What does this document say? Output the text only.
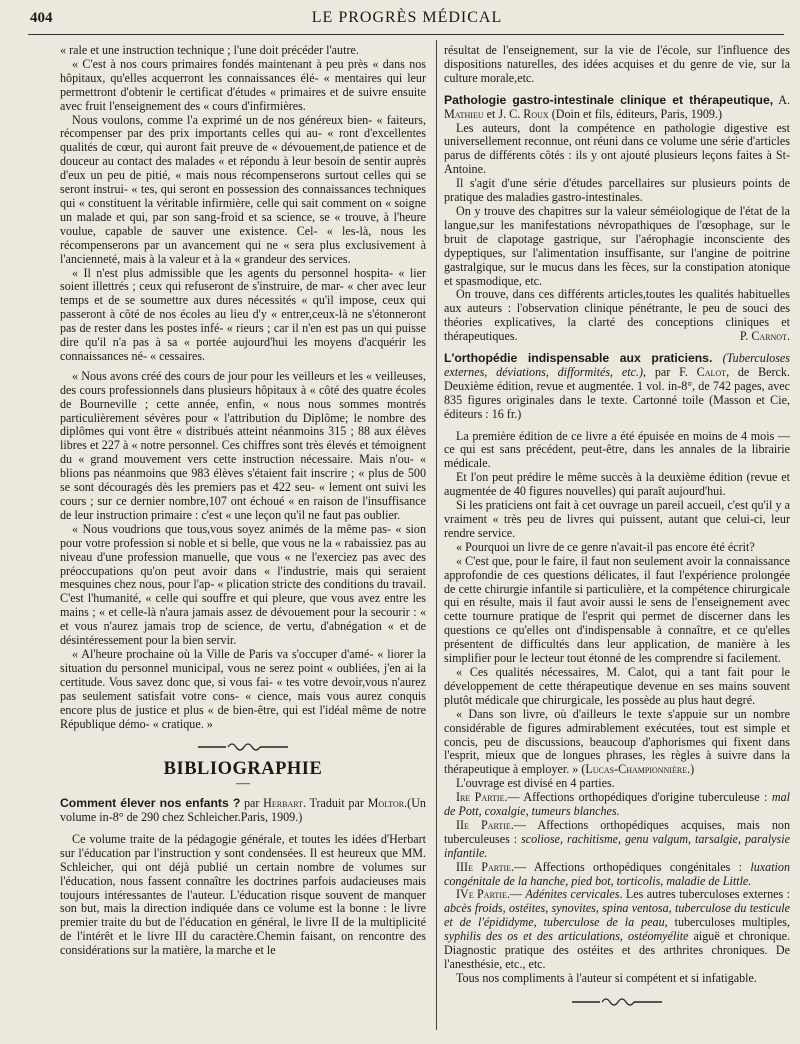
404	LE PROGRÈS MÉDICAL

« rale et une instruction technique ; l'une doit précéder l'autre.

« C'est à nos cours primaires fondés maintenant à peu près « dans nos hôpitaux, qu'elles acquerront les connaissances élé- « mentaires qui leur permettront d'obtenir le certificat d'études « primaires et de suivre ensuite avec fruit l'enseignement des « cours d'infirmières.

Nous voulons, comme l'a exprimé un de nos généreux bien- « faiteurs, récompenser par des prix importants celles qui au- « ront d'excellentes qualités de cœur, qui auront fait preuve de « dévouement,de patience et de douceur au contact des malades « et répondu à leur besoin de sentir auprès d'eux un peu de pitié, « mais nous récompenserons surtout celles qui se seront instrui- « tes, qui seront en possession des connaissances techniques qui « constituent la véritable infirmière, celle qui sait comment on « soigne un malade et qui, par son sang-froid et sa science, se « trouve, à l'heure voulue, capable de sauver une existence. Cel- « les-là, nous les récompenserons par un avancement qui ne « sera plus exclusivement à l'ancienneté, mais à la valeur et à la « grandeur des services.

« Il n'est plus admissible que les agents du personnel hospita- « lier soient illettrés ; ceux qui refuseront de s'instruire, de mar- « cher avec leur temps et de se soumettre aux dures nécessités « qu'il impose, ceux qui passeront à côté de nos écoles au lieu d'y « entrer,ceux-là ne s'étonneront pas de rester dans les postes infé- « rieurs ; car il n'en est pas un qui puisse dire qu'il n'a pas à sa « portée aujourd'hui les moyens d'acquérir les connaissances né- « cessaires.

« Nous avons créé des cours de jour pour les veilleurs et les « veilleuses, des cours professionnels dans plusieurs hôpitaux à « côté des quatre écoles de Bourneville ; cette année, enfin, « nous nous sommes montrés particulièrement sévères pour « l'attribution du Diplôme; le nombre des diplômes qui vont être « distribués atteint néanmoins 315 ; 88 aux élèves libres et 227 à « notre personnel. Ces chiffres sont très élevés et témoignent du « grand mouvement vers cette instruction nécessaire. Mais n'ou- « blions pas néanmoins que 983 élèves s'étaient fait inscrire ; « plus de 500 se sont découragés dès les premiers pas et 422 seu- « lement ont suivi les cours ; sur ce dernier nombre,107 ont échoué « en raison de l'insuffisance de leur instruction primaire : c'est « une leçon qu'il ne faut pas oublier.

« Nous voudrions que tous,vous soyez animés de la même pas- « sion pour votre profession si noble et si belle, que vous ne la « rabaissiez pas au niveau d'une profession manuelle, que vous « ne l'exerciez pas avec des préoccupations qu'on peut avoir dans « l'industrie, mais qui seraient mesquines chez nous, pour l'ap- « plication stricte des conditions du travail. C'est l'humanité, « celle qui souffre et qui pleure, que vous avez entre les mains ; « et celle-là n'aura jamais assez de dévouement pour la secourir : « et vous n'aurez jamais trop de science, de vertu, d'abnégation « et de désintéressement pour la bien servir.

« Al'heure prochaine où la Ville de Paris va s'occuper d'amé- « liorer la situation du personnel municipal, vous ne serez point « oubliées, j'en ai la certitude. Vous savez donc que, si vous fai- « tes votre devoir,vous n'aurez pas seulement satisfait votre cons- « cience, mais vous aurez conquis encore plus de justice et plus « de bien-être, qui est l'idéal même de notre République démo- « cratique. »

BIBLIOGRAPHIE
—

Comment élever nos enfants ? par Herbart. Traduit par Moltor.(Un volume in-8° de 290 chez Schleicher.Paris, 1909.)

Ce volume traite de la pédagogie générale, et toutes les idées d'Herbart sur l'éducation par l'instruction y sont condensées. Il est heureux que MM. Schleicher, qui ont déjà publié un certain nombre de volumes sur l'éducation, nous fassent connaître les doctrines parfois audacieuses mais toujours intéressantes de l'auteur. L'éducation risque souvent de manquer son but, mais la direction indiquée dans ce volume est la bonne : le livre premier traite du but de l'éducation en général, le livre II de la multiplicité de l'intérêt et le livre III du caractère.Chemin faisant, on rencontre des considérations sur la matière, la marche et le

résultat de l'enseignement, sur la vie de l'école, sur l'influence des dispositions naturelles, des idées acquises et du genre de vie, sur la culture morale,etc.

Pathologie gastro-intestinale clinique et thérapeutique, A. Mathieu et J. C. Roux (Doin et fils, éditeurs, Paris, 1909.)

Les auteurs, dont la compétence en pathologie digestive est universellement reconnue, ont réuni dans ce volume une série d'articles parus de différents côtés : ils y ont ajouté plusieurs leçons faites à St-Antoine.

Il s'agit d'une série d'études parcellaires sur plusieurs points de pratique des maladies gastro-intestinales.

On y trouve des chapitres sur la valeur séméiologique de l'état de la langue,sur les manifestations névropathiques de l'œsophage, sur le bruit de clapotage gastrique, sur l'aérophagie inconsciente des dypeptiques, sur l'alimentation insuffisante, sur l'angine de poitrine gastralgique, sur le mucus dans les fèces, sur la constipation atonique et spasmodique, etc.

On trouve, dans ces différents articles,toutes les qualités habituelles aux auteurs : l'observation clinique pénétrante, le peu de souci des théories explicatives, la clarté des conceptions cliniques et thérapeutiques.	P. Carnot.

L'orthopédie indispensable aux praticiens. (Tuberculoses externes, déviations, difformités, etc.), par F. Calot, de Berck. Deuxième édition, revue et augmentée. 1 vol. in-8°, de 742 pages, avec 835 figures originales dans le texte. Cartonné toile (Masson et Cie, éditeurs : 16 fr.)

La première édition de ce livre a été épuisée en moins de 4 mois — ce qui est sans précédent, peut-être, dans les annales de la librairie médicale.

Et l'on peut prédire le même succès à la deuxième édition (revue et augmentée de 40 figures nouvelles) qui paraît aujourd'hui.

Si les praticiens ont fait à cet ouvrage un pareil accueil, c'est qu'il y a vraiment « très peu de livres qui puissent, autant que celui-ci, leur rendre service.

« Pourquoi un livre de ce genre n'avait-il pas encore été écrit?

« C'est que, pour le faire, il faut non seulement avoir la connaissance approfondie de ces questions délicates, il faut l'expérience prolongée de cette chirurgie infantile si particulière, et la compétence chirurgicale qui en résulte, mais il faut avoir aussi le sens de l'enseignement avec cette tournure pratique de l'esprit qui permet de discerner dans les questions ce qu'elles ont d'indispensable à connaître, et ce qu'elles présentent de difficultés dans leur application, de manière à les simplifier pour le lecteur tout étonné de les comprendre si facilement.

« Ces qualités nécessaires, M. Calot, qui a tant fait pour le développement de cette thérapeutique devenue en ses mains souvent plutôt médicale que chirurgicale, les possède au plus haut degré.

« Dans son livre, où d'ailleurs le texte s'appuie sur un nombre considérable de figures admirablement exécutées, tout est simple et concis, peu de discussions, beaucoup d'aphorismes qui fixent dans l'esprit, mieux que de longues phrases, les règles à suivre dans la thérapeutique à employer. » (Lucas-Championnière.)

L'ouvrage est divisé en 4 parties.

Ire Partie.— Affections orthopédiques d'origine tuberculeuse : mal de Pott, coxalgie, tumeurs blanches.

IIe Partie.— Affections orthopédiques acquises, mais non tuberculeuses : scoliose, rachitisme, genu valgum, tarsalgie, paralysie infantile.

IIIe Partie.— Affections orthopédiques congénitales : luxation congénitale de la hanche, pied bot, torticolis, maladie de Little.

IVe Partie.— Adénites cervicales. Les autres tuberculoses externes : abcès froids, ostéites, synovites, spina ventosa, tuberculose du testicule et de l'épididyme, tuberculose de la peau, tuberculoses multiples, syphilis des os et des articulations, ostéomyélite aiguë et chronique. Diagnostic pratique des ostéites et des arthrites chroniques. De l'anesthésie, etc., etc.

Tous nos compliments à l'auteur si compétent et si infatigable.
